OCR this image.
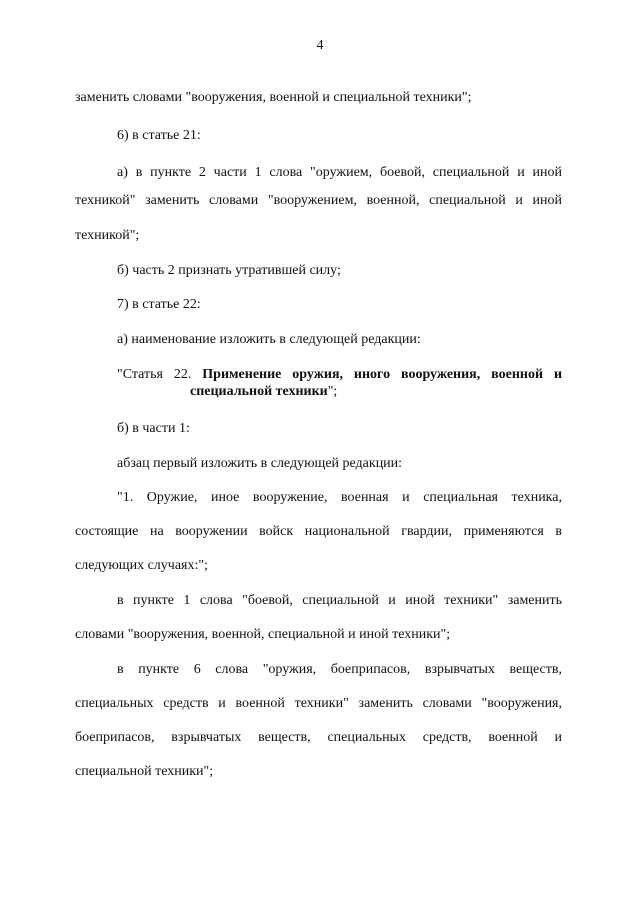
4
заменить словами "вооружения, военной и специальной техники";
6) в статье 21:
а) в пункте 2 части 1 слова "оружием, боевой, специальной и иной
техникой" заменить словами "вооружением, военной, специальной и иной
техникой";
б) часть 2 признать утратившей силу;
7) в статье 22:
а) наименование изложить в следующей редакции:
"Статья 22. Применение оружия, иного вооружения, военной и
специальной техники";
б) в части 1:
абзац первый изложить в следующей редакции:
"1. Оружие, иное вооружение, военная и специальная техника,
состоящие на вооружении войск национальной гвардии, применяются в
следующих случаях:";
в пункте 1 слова "боевой, специальной и иной техники" заменить
словами "вооружения, военной, специальной и иной техники";
в пункте 6 слова "оружия, боеприпасов, взрывчатых веществ,
специальных средств и военной техники" заменить словами "вооружения,
боеприпасов, взрывчатых веществ, специальных средств, военной и
специальной техники";
